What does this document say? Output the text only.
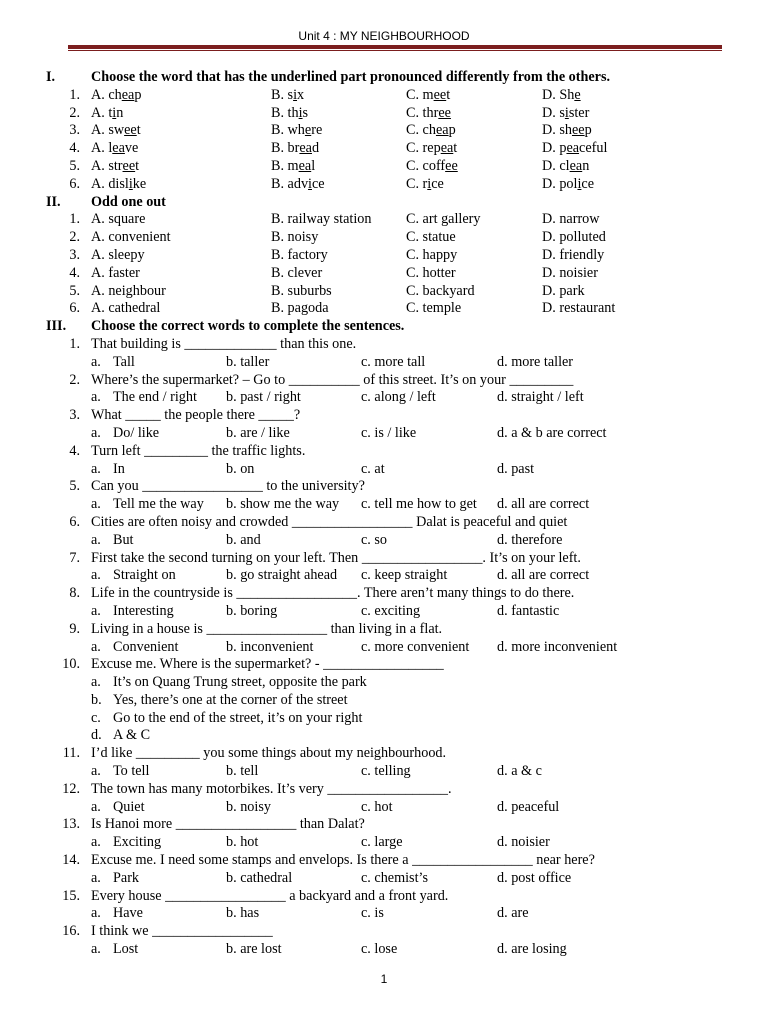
Unit 4 : MY NEIGHBOURHOOD
I.	Choose the word that has the underlined part pronounced differently from the others.
1. A. cheap	B. six	C. meet	D. She
2. A. tin	B. this	C. three	D. sister
3. A. sweet	B. where	C. cheap	D. sheep
4. A. leave	B. bread	C. repeat	D. peaceful
5. A. street	B. meal	C. coffee	D. clean
6. A. dislike	B. advice	C. rice	D. police
II. Odd one out
1. A. square	B. railway station C. art gallery	D. narrow
2. A. convenient	B. noisy	C. statue	D. polluted
3. A. sleepy	B. factory	C. happy	D. friendly
4. A. faster	B. clever	C. hotter	D. noisier
5. A. neighbour	B. suburbs	C. backyard	D. park
6. A. cathedral	B. pagoda	C. temple	D. restaurant
III. Choose the correct words to complete the sentences.
1. That building is _____________ than this one.
a. Tall	b. taller	c. more tall	d. more taller
2. Where’s the supermarket? – Go to __________ of this street. It’s on your _________
a. The end / right b. past / right	c. along / left	d. straight / left
3. What _____ the people there _____?
a. Do/ like	b. are / like	c. is / like	d. a & b are correct
4. Turn left _________ the traffic lights.
a. In	b. on	c. at	d. past
5. Can you _________________ to the university?
a. Tell me the way b. show me the way c. tell me how to get d. all are correct
6. Cities are often noisy and crowded _________________ Dalat is peaceful and quiet
a. But	b. and	c. so	d. therefore
7. First take the second turning on your left. Then _________________. It’s on your left.
a. Straight on	b. go straight ahead c. keep straight	d. all are correct
8. Life in the countryside is _________________. There aren’t many things to do there.
a. Interesting	b. boring	c. exciting	d. fantastic
9. Living in a house is _________________ than living in a flat.
a. Convenient	b. inconvenient	c. more convenient d. more inconvenient
10. Excuse me. Where is the supermarket? - _________________
a. It’s on Quang Trung street, opposite the park
b. Yes, there’s one at the corner of the street
c. Go to the end of the street, it’s on your right
d. A & C
11. I’d like _________ you some things about my neighbourhood.
a. To tell	b. tell	c. telling	d. a & c
12. The town has many motorbikes. It’s very _________________.
a. Quiet	b. noisy	c. hot	d. peaceful
13. Is Hanoi more _________________ than Dalat?
a. Exciting	b. hot	c. large	d. noisier
14. Excuse me. I need some stamps and envelops. Is there a _________________ near here?
a. Park	b. cathedral	c. chemist’s	d. post office
15. Every house _________________ a backyard and a front yard.
a. Have	b. has	c. is	d. are
16. I think we _________________
a. Lost	b. are lost	c. lose	d. are losing
1
